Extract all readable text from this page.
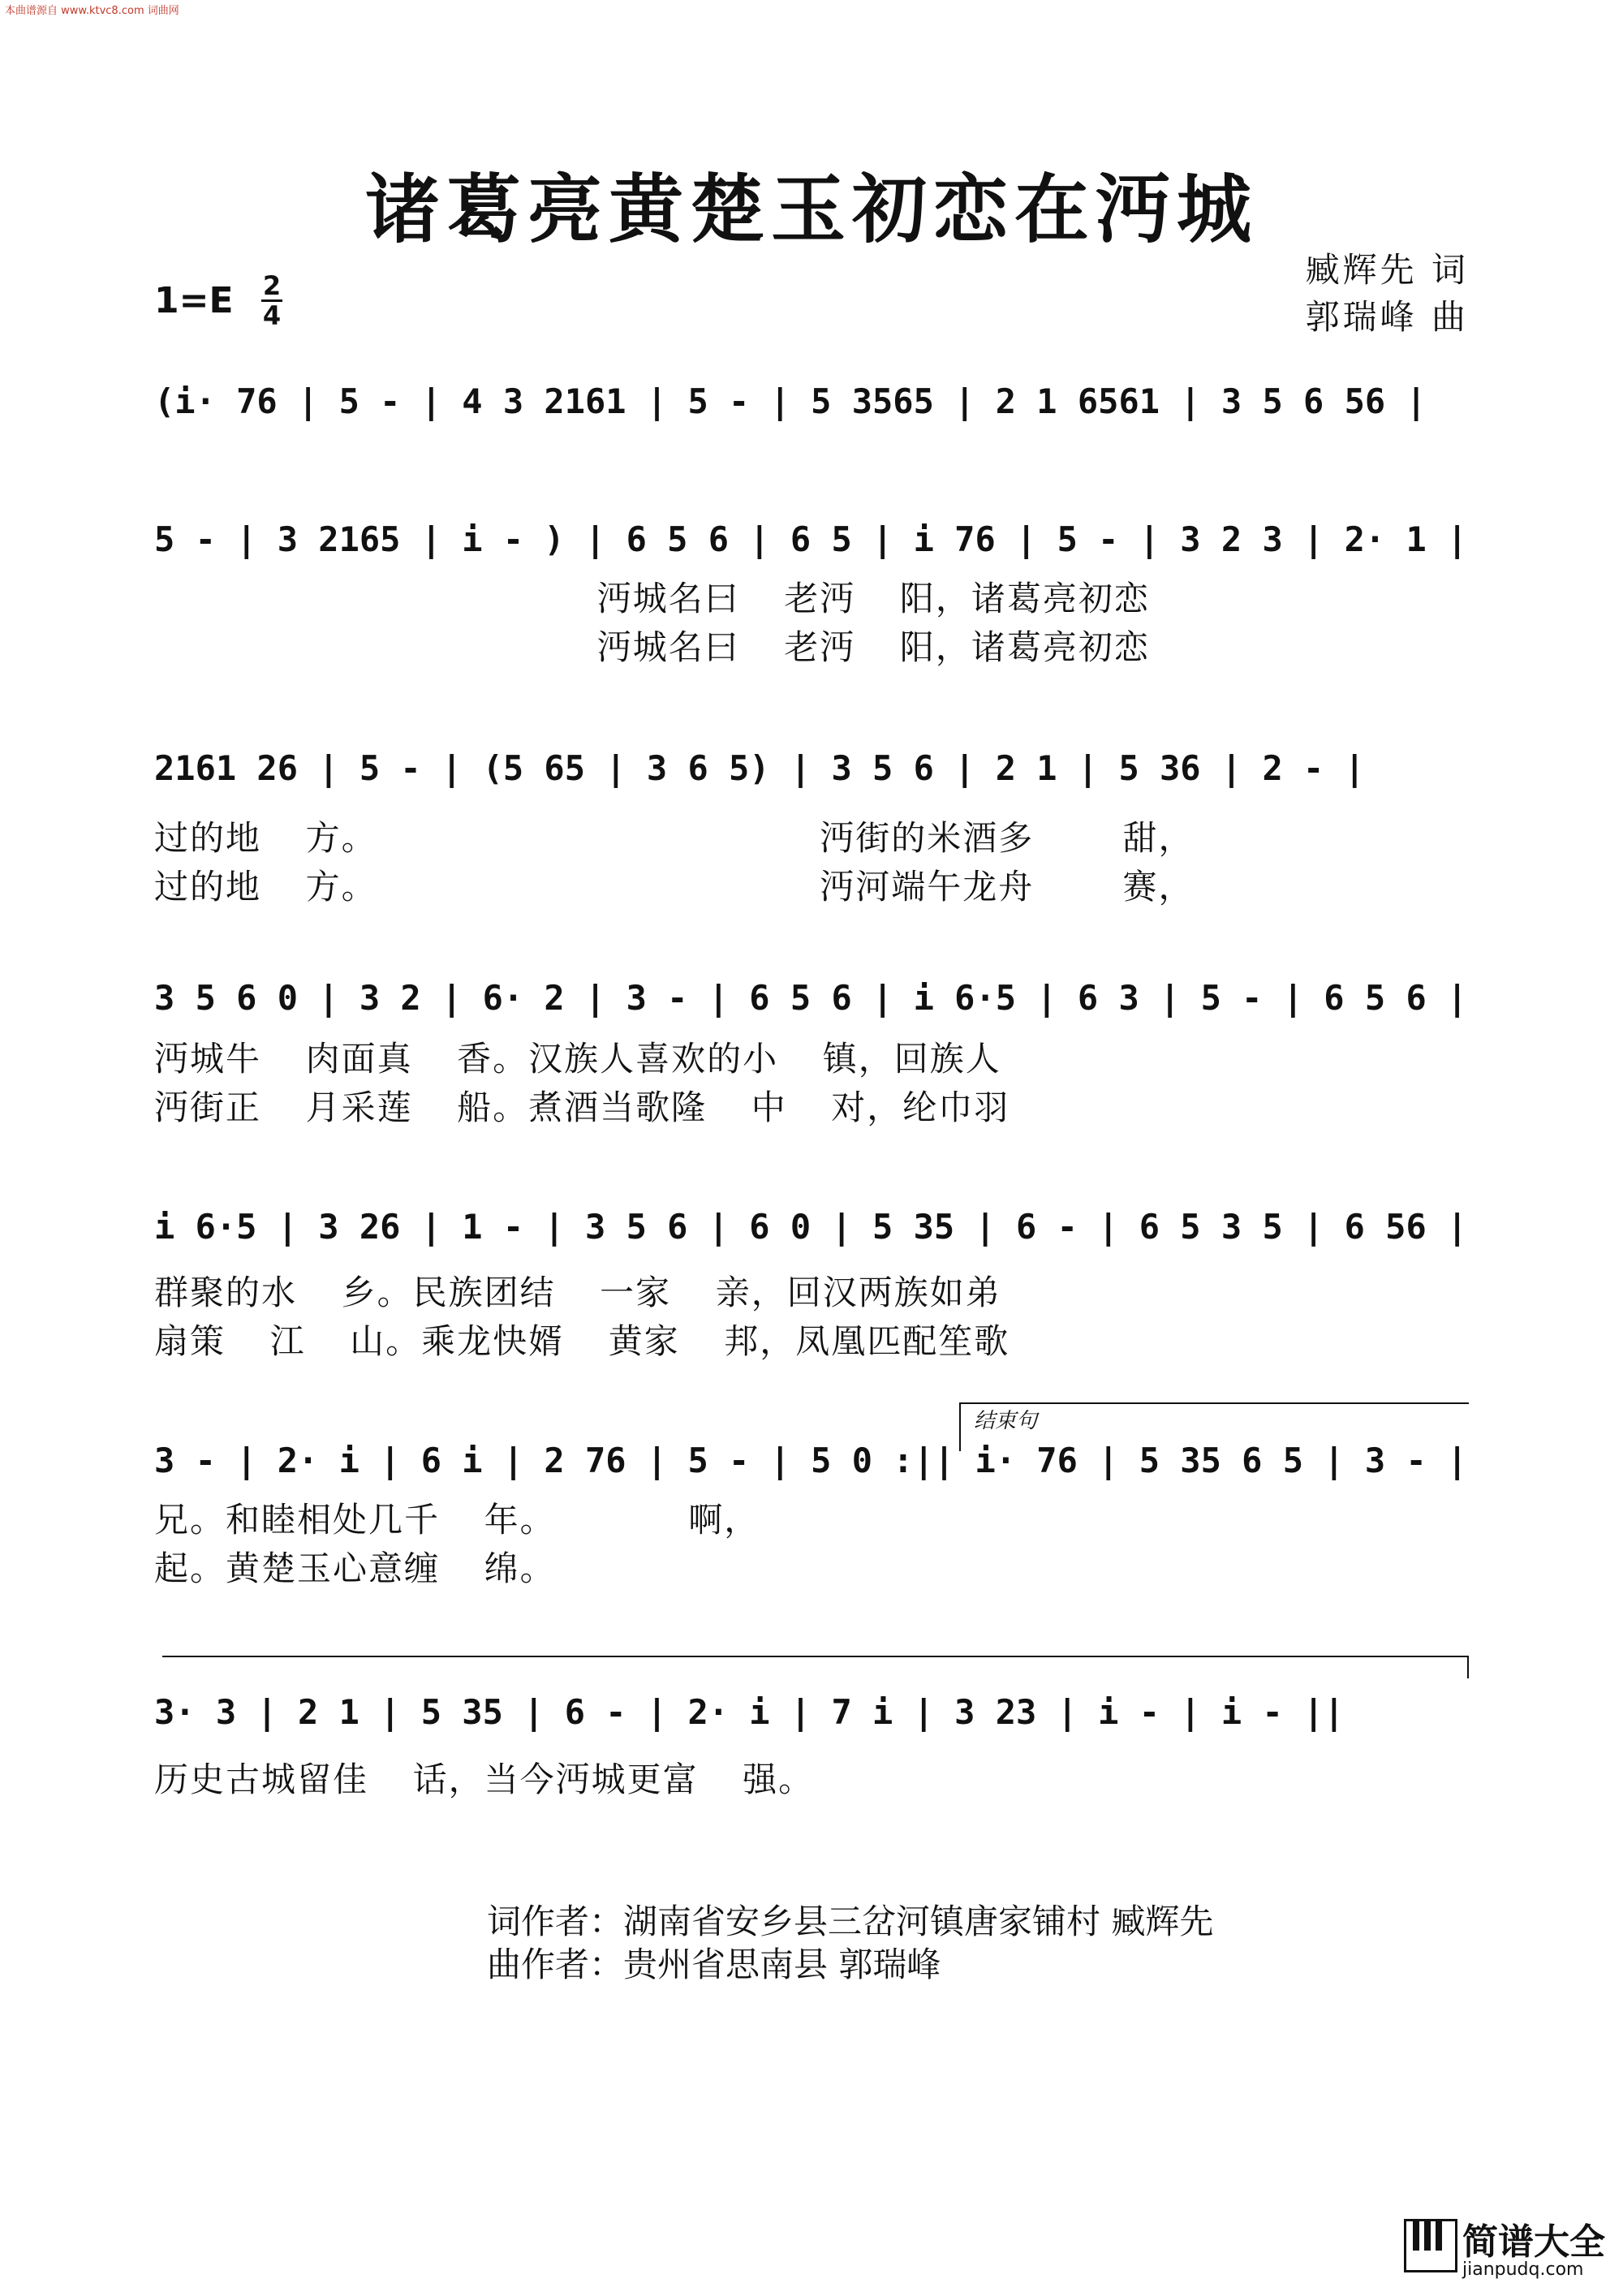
本曲谱源自 www.ktvc8.com 词曲网
诸葛亮黄楚玉初恋在沔城
臧辉先 词
郭瑞峰 曲
$1=E \frac{2}{4}$
(i· 76 | 5 - | 4 3 2161 | 5 - | 5 3565 | 2 1 6561 | 3 5 6 56 |
5 - | 3 2165 | i - ) | 6 5 6 | 6 5 | i 76 | 5 - | 3 2 3 | 2· 1 |
沔城名曰  老沔  阳，诸葛亮初恋
沔城名曰  老沔  阳，诸葛亮初恋
2161 26 | 5 - | (5 65 | 3 6 5) | 3 5 6 | 2 1 | 5 36 | 2 - |
过的地  方。                    沔街的米酒多    甜，
过的地  方。                    沔河端午龙舟    赛，
3 5 6 0 | 3 2 | 6· 2 | 3 - | 6 5 6 | i 6·5 | 6 3 | 5 - | 6 5 6 |
沔城牛  肉面真  香。汉族人喜欢的小  镇，回族人
沔街正  月采莲  船。煮酒当歌隆  中  对，纶巾羽
i 6·5 | 3 26 | 1 - | 3 5 6 | 6 0 | 5 35 | 6 - | 6 5 3 5 | 6 56 |
群聚的水  乡。民族团结  一家  亲，回汉两族如弟
扇策  江  山。乘龙快婿  黄家  邦，凤凰匹配笙歌
结束句
3 - | 2· i | 6 i | 2 76 | 5 - | 5 0 :|| i· 76 | 5 35 6 5 | 3 - |
兄。和睦相处几千  年。      啊，
起。黄楚玉心意缠  绵。
3· 3 | 2 1 | 5 35 | 6 - | 2· i | 7 i | 3 23 | i - | i - ||
历史古城留佳  话，当今沔城更富  强。
词作者：湖南省安乡县三岔河镇唐家铺村 臧辉先
曲作者：贵州省思南县 郭瑞峰
简谱大全
jianpudq.com
